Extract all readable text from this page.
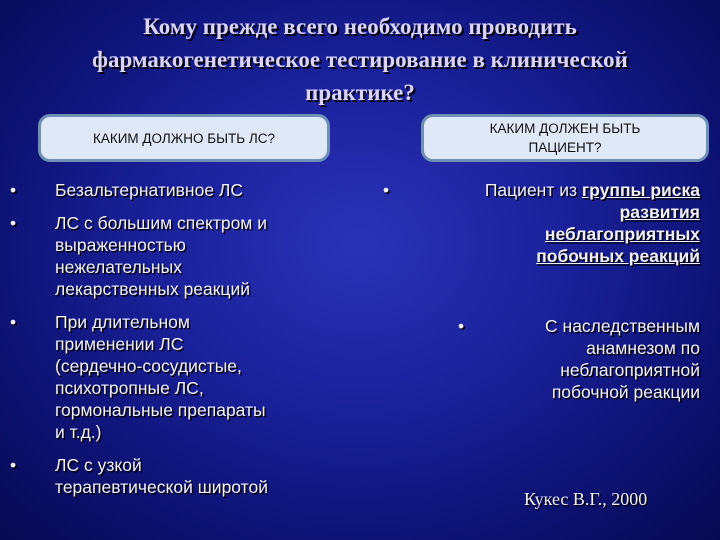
Кому прежде всего необходимо проводить
фармакогенетическое тестирование в клинической
практике?
КАКИМ ДОЛЖНО БЫТЬ ЛС?
КАКИМ ДОЛЖЕН БЫТЬ ПАЦИЕНТ?
• Безальтернативное ЛС
• ЛС с большим спектром и
выраженностью
нежелательных
лекарственных реакций
• При длительном
применении ЛС
(сердечно-сосудистые,
психотропные ЛС,
гормональные препараты
и т.д.)
• ЛС с узкой
терапевтической широтой
•	Пациент из группы риска
развития
неблагоприятных
побочных реакций
•	С наследственным
анамнезом по
неблагоприятной
побочной реакции
Кукес В.Г., 2000
